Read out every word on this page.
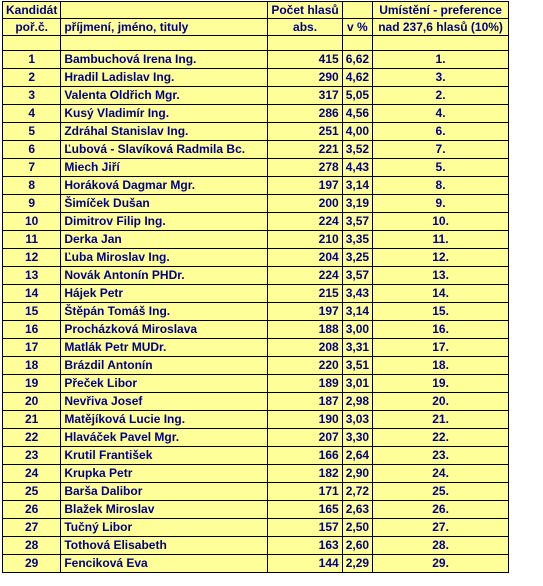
Kandidát		Počet hlasů		Umístění - preference
poř.č.	příjmení, jméno, tituly	abs.	v %	nad 237,6 hlasů (10%)

1	Bambuchová Irena Ing.	415	6,62	1.
2	Hradil Ladislav Ing.	290	4,62	3.
3	Valenta Oldřich Mgr.	317	5,05	2.
4	Kusý Vladimír Ing.	286	4,56	4.
5	Zdráhal Stanislav Ing.	251	4,00	6.
6	Ľubová - Slavíková Radmila Bc.	221	3,52	7.
7	Miech Jiří	278	4,43	5.
8	Horáková Dagmar Mgr.	197	3,14	8.
9	Šimíček Dušan	200	3,19	9.
10	Dimitrov Filip Ing.	224	3,57	10.
11	Derka Jan	210	3,35	11.
12	Ľuba Miroslav Ing.	204	3,25	12.
13	Novák Antonín PHDr.	224	3,57	13.
14	Hájek Petr	215	3,43	14.
15	Štěpán Tomáš Ing.	197	3,14	15.
16	Procházková Miroslava	188	3,00	16.
17	Matlák Petr MUDr.	208	3,31	17.
18	Brázdil Antonín	220	3,51	18.
19	Přeček Libor	189	3,01	19.
20	Nevřiva Josef	187	2,98	20.
21	Matějíková Lucie Ing.	190	3,03	21.
22	Hlaváček Pavel Mgr.	207	3,30	22.
23	Krutil František	166	2,64	23.
24	Krupka Petr	182	2,90	24.
25	Barša Dalibor	171	2,72	25.
26	Blažek Miroslav	165	2,63	26.
27	Tučný Libor	157	2,50	27.
28	Tothová Elisabeth	163	2,60	28.
29	Fenciková Eva	144	2,29	29.
